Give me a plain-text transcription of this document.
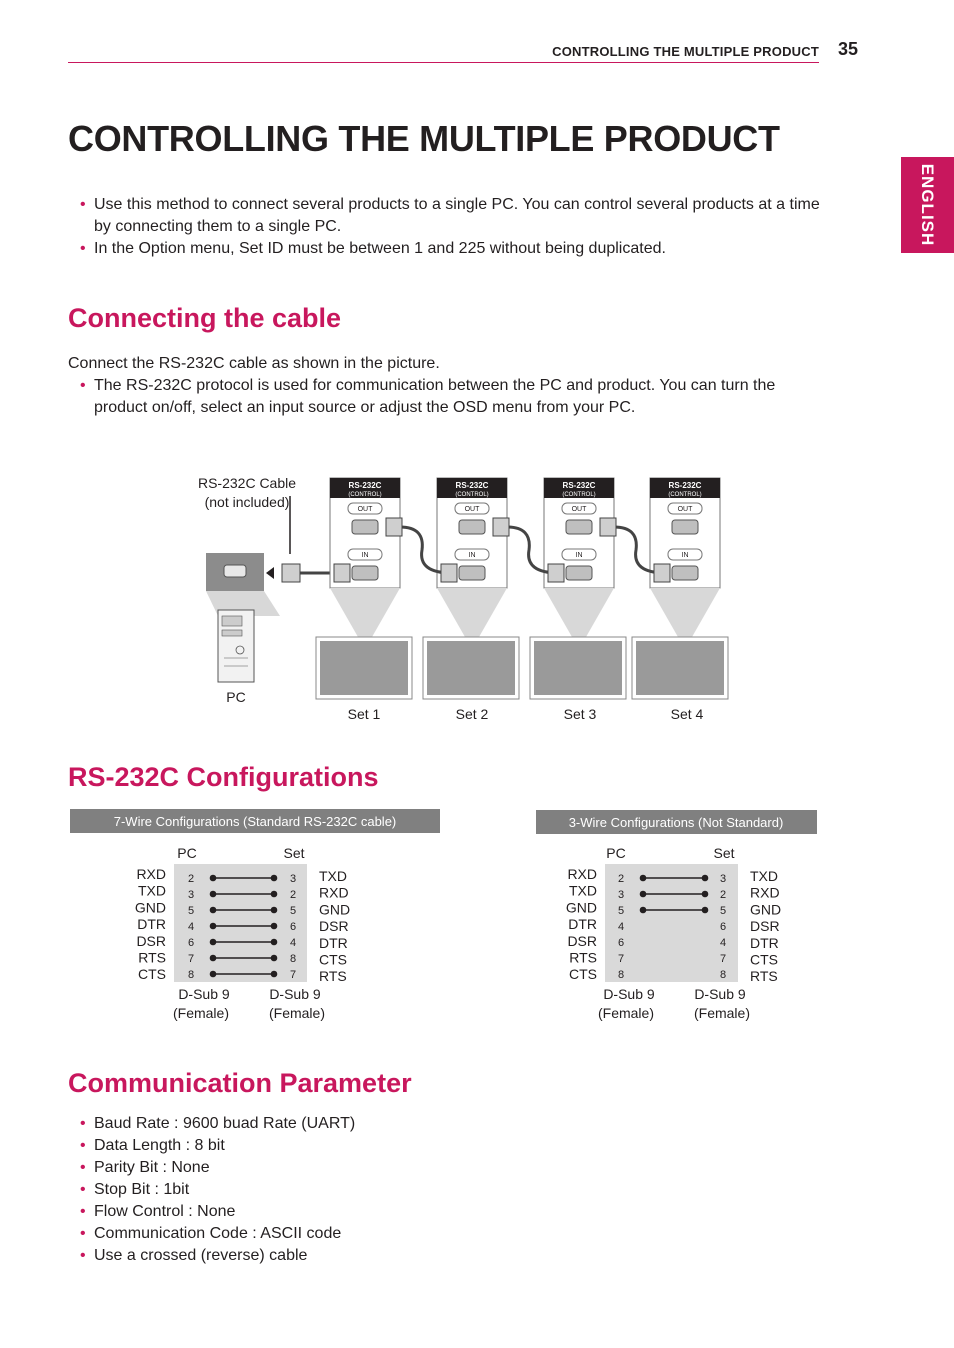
CONTROLLING THE MULTIPLE PRODUCT 35
ENGLISH
CONTROLLING THE MULTIPLE PRODUCT
• Use this method to connect several products to a single PC. You can control several products at a time by connecting them to a single PC.
• In the Option menu, Set ID must be between 1 and 225 without being duplicated.
Connecting the cable
Connect the RS-232C cable as shown in the picture.
• The RS-232C protocol is used for communication between the PC and product. You can turn the product on/off, select an input source or adjust the OSD menu from your PC.
RS-232C Cable
(not included)
PC
RS-232C
(CONTROL)
OUT
IN
Set 1
RS-232C
(CONTROL)
OUT
IN
Set 2
RS-232C
(CONTROL)
OUT
IN
Set 3
RS-232C
(CONTROL)
OUT
IN
Set 4
RS-232C Configurations
7-Wire Configurations (Standard RS-232C cable)
PC	Set
RXD 2	3 TXD
TXD 3	2 RXD
GND 5	5 GND
DTR 4	6 DSR
DSR 6	4 DTR
RTS 7	8 CTS
CTS 8	7 RTS
D-Sub 9
(Female)
D-Sub 9
(Female)
3-Wire Configurations (Not Standard)
PC	Set
RXD 2	3 TXD
TXD 3	2 RXD
GND 5	5 GND
DTR 4	6 DSR
DSR 6	4 DTR
RTS 7	7 CTS
CTS 8	8 RTS
D-Sub 9
(Female)
D-Sub 9
(Female)
Communication Parameter
• Baud Rate : 9600 buad Rate (UART)
• Data Length : 8 bit
• Parity Bit : None
• Stop Bit : 1bit
• Flow Control : None
• Communication Code : ASCII code
• Use a crossed (reverse) cable
